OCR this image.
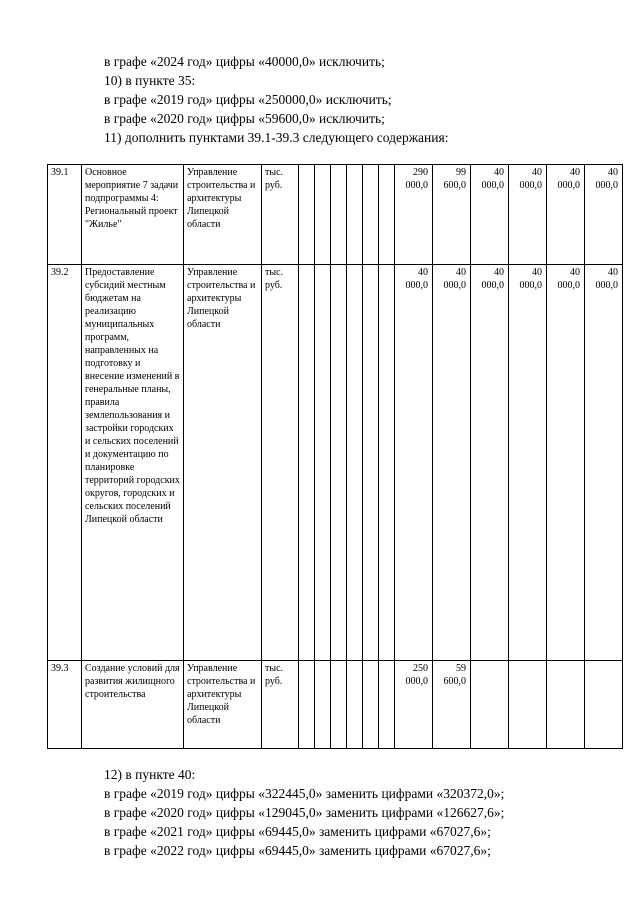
в графе «2024 год» цифры «40000,0» исключить;
10) в пункте 35:
в графе «2019 год» цифры «250000,0» исключить;
в графе «2020 год» цифры «59600,0» исключить;
11) дополнить пунктами 39.1-39.3 следующего содержания:
39.1	Основное мероприятие 7 задачи подпрограммы 4: Региональный проект "Жилье"	Управление строительства и архитектуры Липецкой области	тыс. руб.							290
000,0	99
600,0	40
000,0	40
000,0	40
000,0	40
000,0

39.2	Предоставление субсидий местным бюджетам на реализацию муниципальных программ, направленных на подготовку и внесение изменений в генеральные планы, правила землепользования и застройки городских и сельских поселений и документацию по планировке территорий городских округов, городских и сельских поселений Липецкой области	Управление строительства и архитектуры Липецкой области	тыс. руб.							40
000,0	40
000,0	40
000,0	40
000,0	40
000,0	40
000,0

39.3	Создание условий для развития жилищного строительства	Управление строительства и архитектуры Липецкой области	тыс. руб.							250
000,0	59
600,0				

12) в пункте 40:
в графе «2019 год» цифры «322445,0» заменить цифрами «320372,0»;
в графе «2020 год» цифры «129045,0» заменить цифрами «126627,6»;
в графе «2021 год» цифры «69445,0» заменить цифрами «67027,6»;
в графе «2022 год» цифры «69445,0» заменить цифрами «67027,6»;
